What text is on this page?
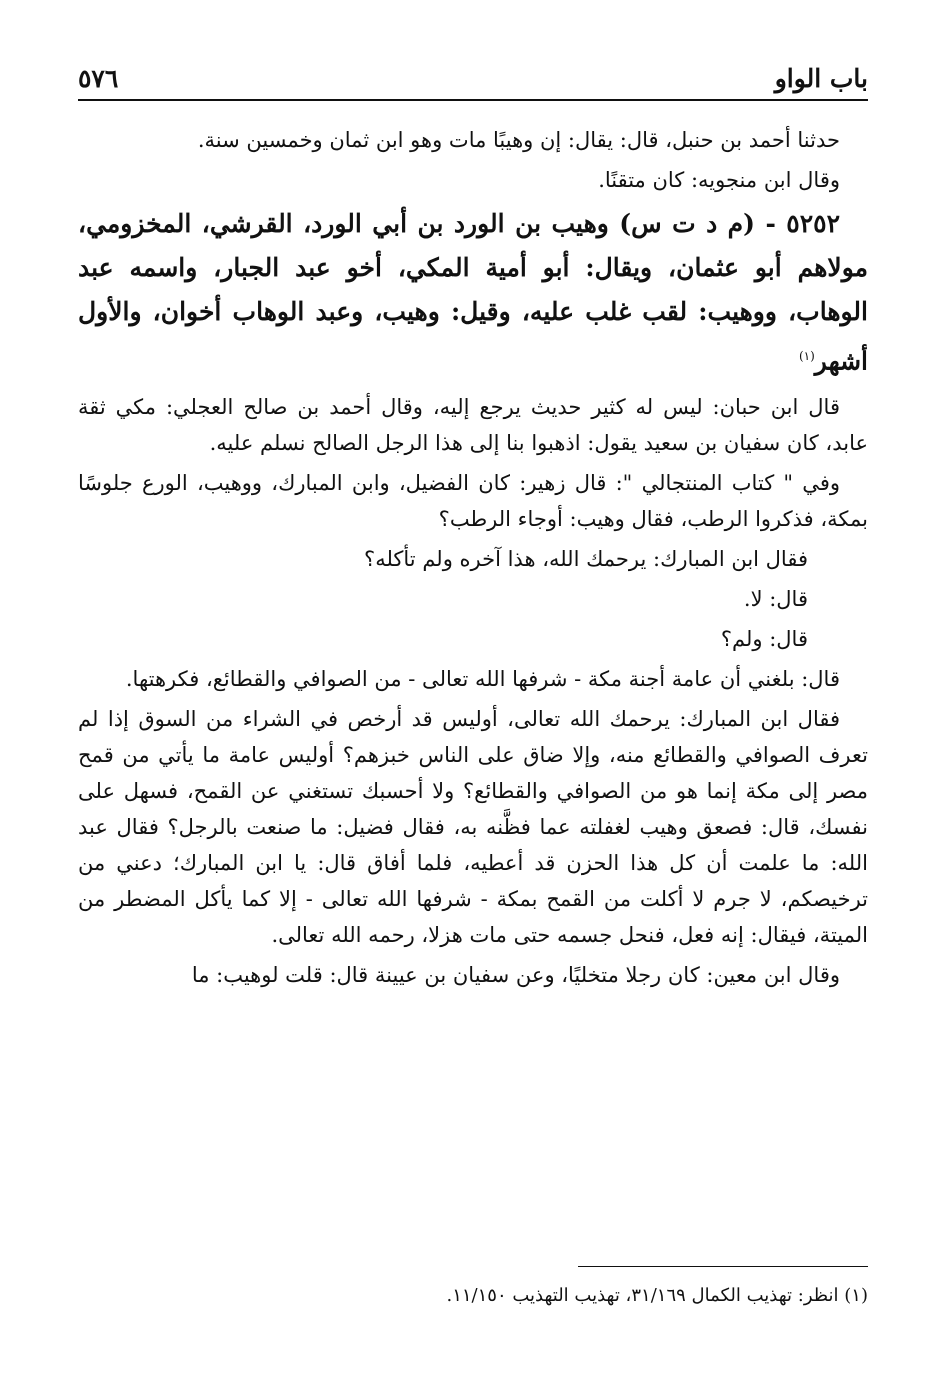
باب الواو
٥٧٦

حدثنا أحمد بن حنبل، قال: يقال: إن وهيبًا مات وهو ابن ثمان وخمسين سنة.

وقال ابن منجويه: كان متقنًا.

٥٢٥٢ - (م د ت س) وهيب بن الورد بن أبي الورد، القرشي، المخزومي، مولاهم أبو عثمان، ويقال: أبو أمية المكي، أخو عبد الجبار، واسمه عبد الوهاب، ووهيب: لقب غلب عليه، وقيل: وهيب، وعبد الوهاب أخوان، والأول أشهر$^{(١)}$

قال ابن حبان: ليس له كثير حديث يرجع إليه، وقال أحمد بن صالح العجلي: مكي ثقة عابد، كان سفيان بن سعيد يقول: اذهبوا بنا إلى هذا الرجل الصالح نسلم عليه.

وفي " كتاب المنتجالي ": قال زهير: كان الفضيل، وابن المبارك، ووهيب، الورع جلوسًا بمكة، فذكروا الرطب، فقال وهيب: أوجاء الرطب؟

فقال ابن المبارك: يرحمك الله، هذا آخره ولم تأكله؟

قال: لا.

قال: ولم؟

قال: بلغني أن عامة أجنة مكة - شرفها الله تعالى - من الصوافي والقطائع، فكرهتها.

فقال ابن المبارك: يرحمك الله تعالى، أوليس قد أرخص في الشراء من السوق إذا لم تعرف الصوافي والقطائع منه، وإلا ضاق على الناس خبزهم؟ أوليس عامة ما يأتي من قمح مصر إلى مكة إنما هو من الصوافي والقطائع؟ ولا أحسبك تستغني عن القمح، فسهل على نفسك، قال: فصعق وهيب لغفلته عما فظَّنه به، فقال فضيل: ما صنعت بالرجل؟ فقال عبد الله: ما علمت أن كل هذا الحزن قد أعطيه، فلما أفاق قال: يا ابن المبارك؛ دعني من ترخيصكم، لا جرم لا أكلت من القمح بمكة - شرفها الله تعالى - إلا كما يأكل المضطر من الميتة، فيقال: إنه فعل، فنحل جسمه حتى مات هزلا، رحمه الله تعالى.

وقال ابن معين: كان رجلا متخليًا، وعن سفيان بن عيينة قال: قلت لوهيب: ما

(١) انظر: تهذيب الكمال ٣١/١٦٩، تهذيب التهذيب ١١/١٥٠.
